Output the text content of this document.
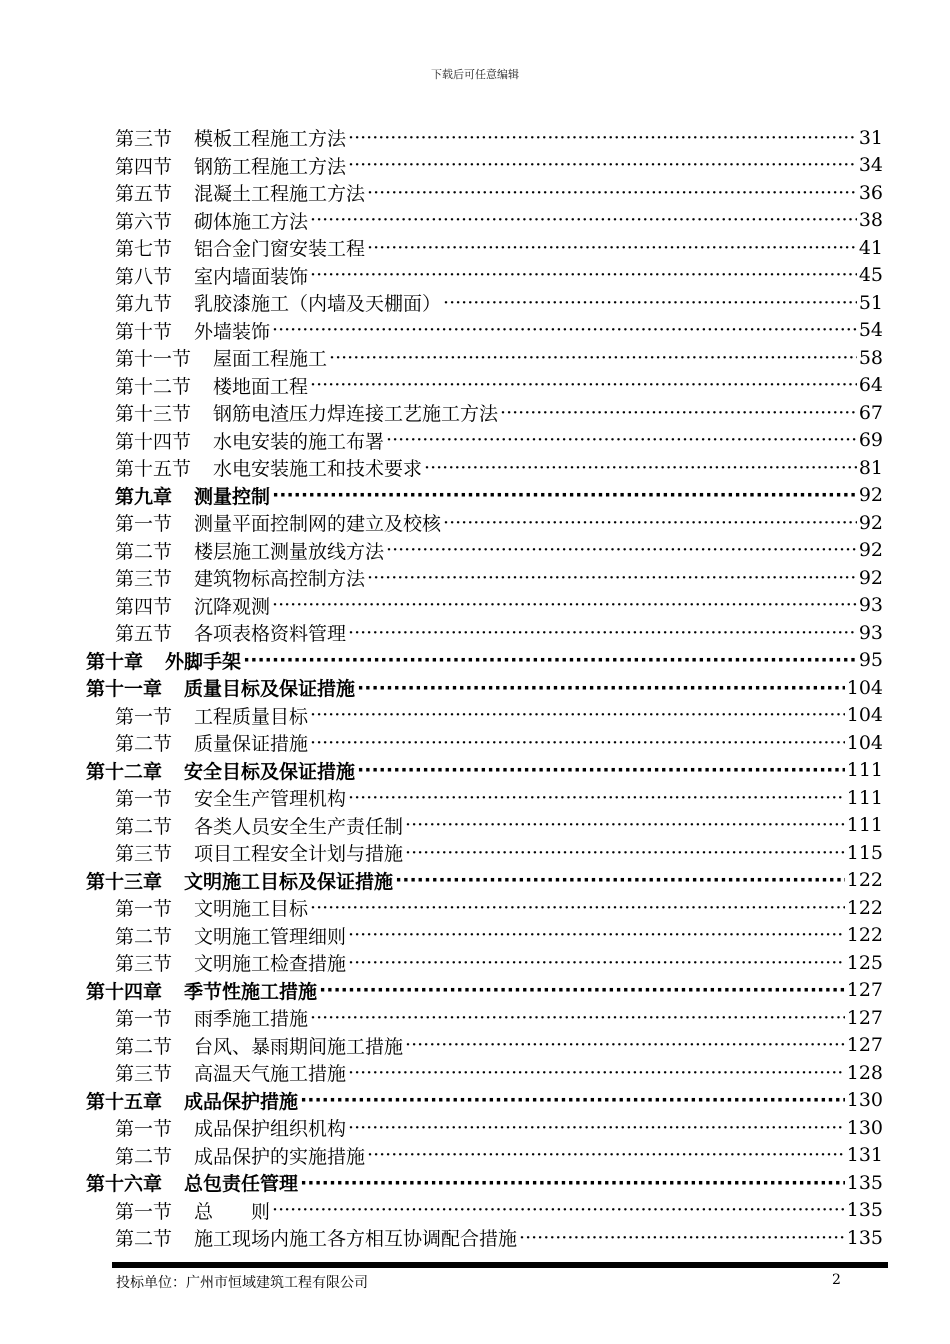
下载后可任意编辑
第三节 模板工程施工方法 ·····	31
第四节 钢筋工程施工方法 ·····	34
第五节 混凝土工程施工方法 ·····	36
第六节 砌体施工方法 ·····	38
第七节 铝合金门窗安装工程 ·····	41
第八节 室内墙面装饰 ·····	45
第九节 乳胶漆施工（内墙及天棚面） ·····	51
第十节 外墙装饰 ·····	54
第十一节 屋面工程施工 ·····	58
第十二节 楼地面工程 ·····	64
第十三节 钢筋电渣压力焊连接工艺施工方法 ·····	67
第十四节 水电安装的施工布署 ·····	69
第十五节 水电安装施工和技术要求 ·····	81
第九章 测量控制 ·····	92
第一节 测量平面控制网的建立及校核 ·····	92
第二节 楼层施工测量放线方法 ·····	92
第三节 建筑物标高控制方法 ·····	92
第四节 沉降观测 ·····	93
第五节 各项表格资料管理 ·····	93
第十章 外脚手架 ·····	95
第十一章 质量目标及保证措施 ·····	104
第一节 工程质量目标 ·····	104
第二节 质量保证措施 ·····	104
第十二章 安全目标及保证措施 ·····	111
第一节 安全生产管理机构 ·····	111
第二节 各类人员安全生产责任制 ·····	111
第三节 项目工程安全计划与措施 ·····	115
第十三章 文明施工目标及保证措施 ·····	122
第一节 文明施工目标 ·····	122
第二节 文明施工管理细则 ·····	122
第三节 文明施工检查措施 ·····	125
第十四章 季节性施工措施 ·····	127
第一节 雨季施工措施 ·····	127
第二节 台风、暴雨期间施工措施 ·····	127
第三节 高温天气施工措施 ·····	128
第十五章 成品保护措施 ·····	130
第一节 成品保护组织机构 ·····	130
第二节 成品保护的实施措施 ·····	131
第十六章 总包责任管理 ·····	135
第一节 总　　则 ·····	135
第二节 施工现场内施工各方相互协调配合措施 ·····	135
投标单位：广州市恒域建筑工程有限公司	2
